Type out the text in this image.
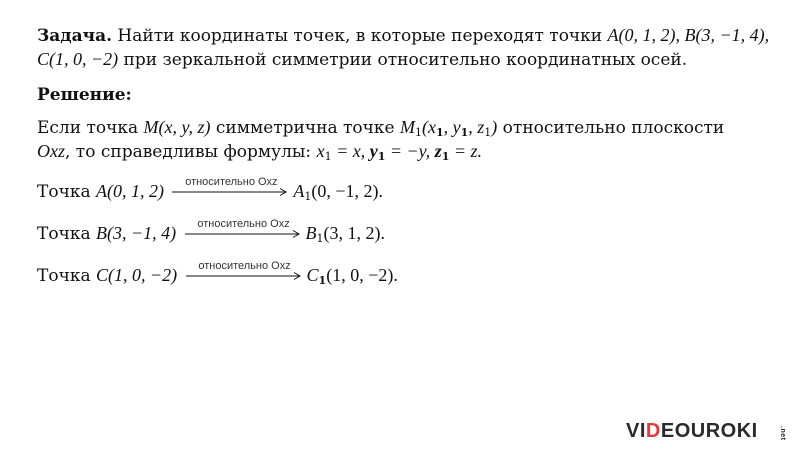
Задача. Найти координаты точек, в которые переходят точки A(0, 1, 2), B(3, −1, 4),
C(1, 0, −2) при зеркальной симметрии относительно координатных осей.
Решение:
Если точка M(x, y, z) симметрична точке $M_1(x_1$, $y_1$, $z_1$) относительно плоскости
Oxz, то справедливы формулы: $x_1 = x$, $y_1 = -y$, $z_1 = z$.
Точка A(0, 1, 2)	относительно Oxz $A_1(0$, −1, 2).
Точка B(3, −1, 4)	относительно Oxz $B_1(3$, 1, 2).
Точка C(1, 0, −2)	относительно Oxz $C_1(1$, 0, −2).
VIDEOUROKI	.net
